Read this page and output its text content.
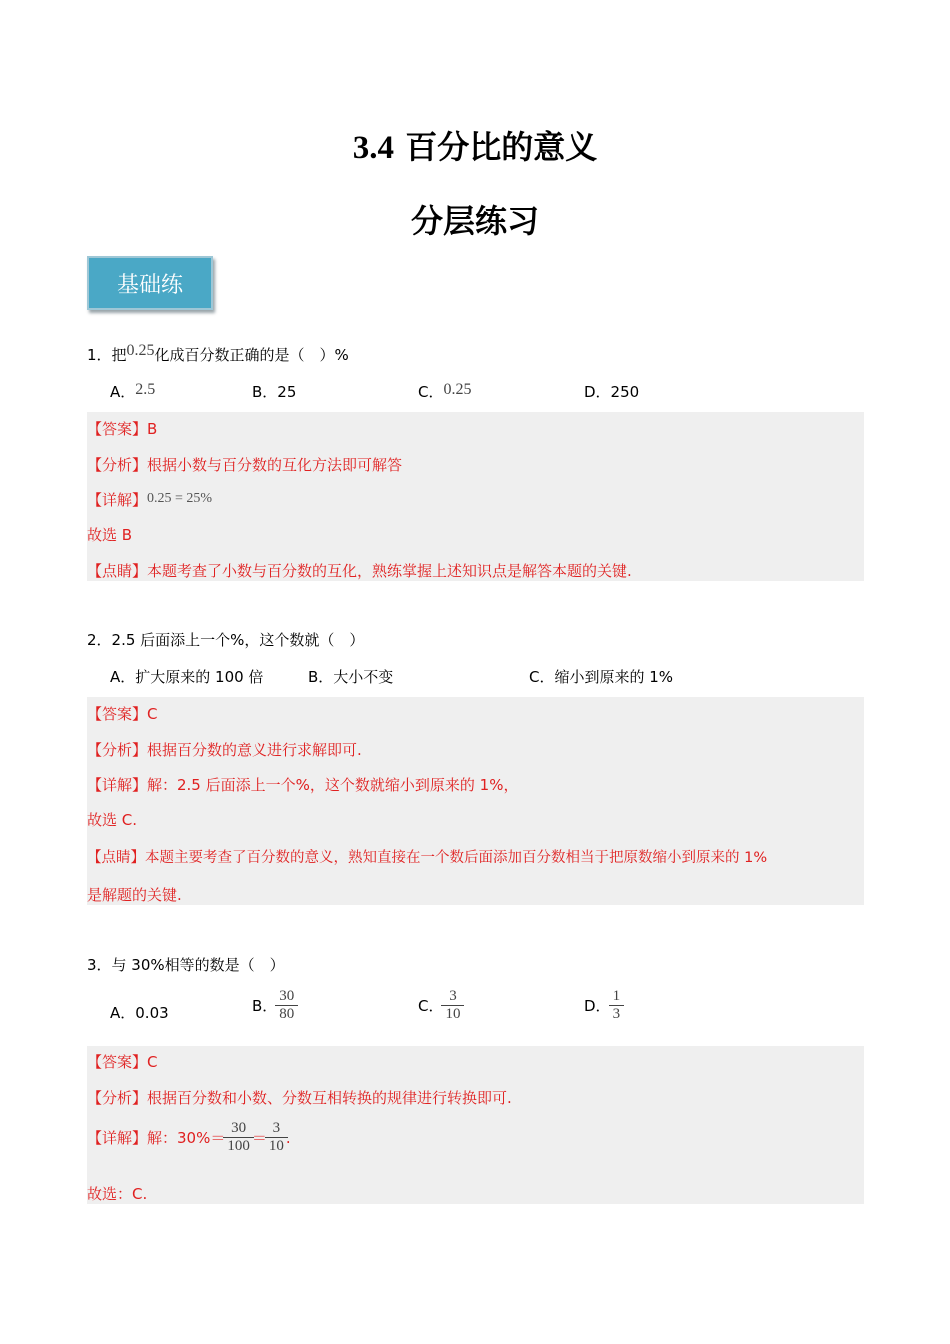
3.4 百分比的意义
分层练习
基础练
1．把0.25化成百分数正确的是（　）%
A．2.5	B．25	C．0.25	D．250
【答案】B
【分析】根据小数与百分数的互化方法即可解答
【详解】0.25 = 25%
故选 B
【点睛】本题考查了小数与百分数的互化，熟练掌握上述知识点是解答本题的关键.
2．2.5 后面添上一个%，这个数就（　）
A．扩大原来的 100 倍	B．大小不变	C．缩小到原来的 1%
【答案】C
【分析】根据百分数的意义进行求解即可.
【详解】解：2.5 后面添上一个%，这个数就缩小到原来的 1%，
故选 C.
【点睛】本题主要考查了百分数的意义，熟知直接在一个数后面添加百分数相当于把原数缩小到原来的 1%
是解题的关键.
3．与 30%相等的数是（　）
A．0.03	B． $\frac{30}{80}$	C． $\frac{3}{10}$	D． $\frac{1}{3}$
【答案】C
【分析】根据百分数和小数、分数互相转换的规律进行转换即可.
【详解】解：$30\%= \frac{30}{100} = \frac{3}{10}$ .
故选：C.
